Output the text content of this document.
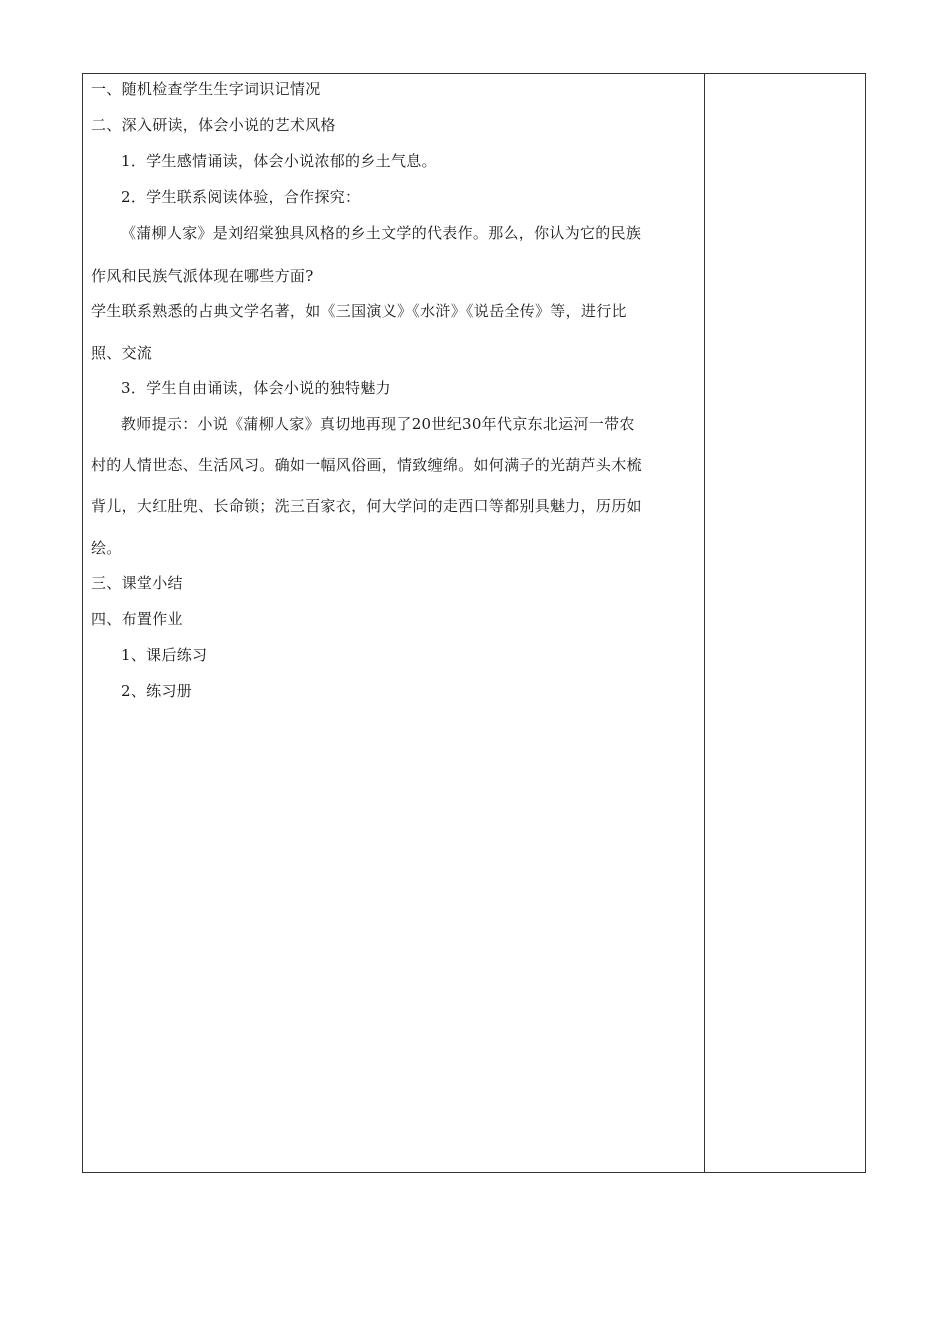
一、随机检查学生生字词识记情况
二、深入研读，体会小说的艺术风格
1．学生感情诵读，体会小说浓郁的乡土气息。
2．学生联系阅读体验，合作探究：
《蒲柳人家》是刘绍棠独具风格的乡土文学的代表作。那么，你认为它的民族
作风和民族气派体现在哪些方面?
学生联系熟悉的占典文学名著，如《三国演义》《水浒》《说岳全传》等，进行比
照、交流
3．学生自由诵读，体会小说的独特魅力
教师提示：小说《蒲柳人家》真切地再现了20世纪30年代京东北运河一带农
村的人情世态、生活风习。确如一幅风俗画，情致缠绵。如何满子的光葫芦头木梳
背儿，大红肚兜、长命锁；洗三百家衣，何大学问的走西口等都别具魅力，历历如
绘。
三、课堂小结
四、布置作业
1、课后练习
2、练习册
